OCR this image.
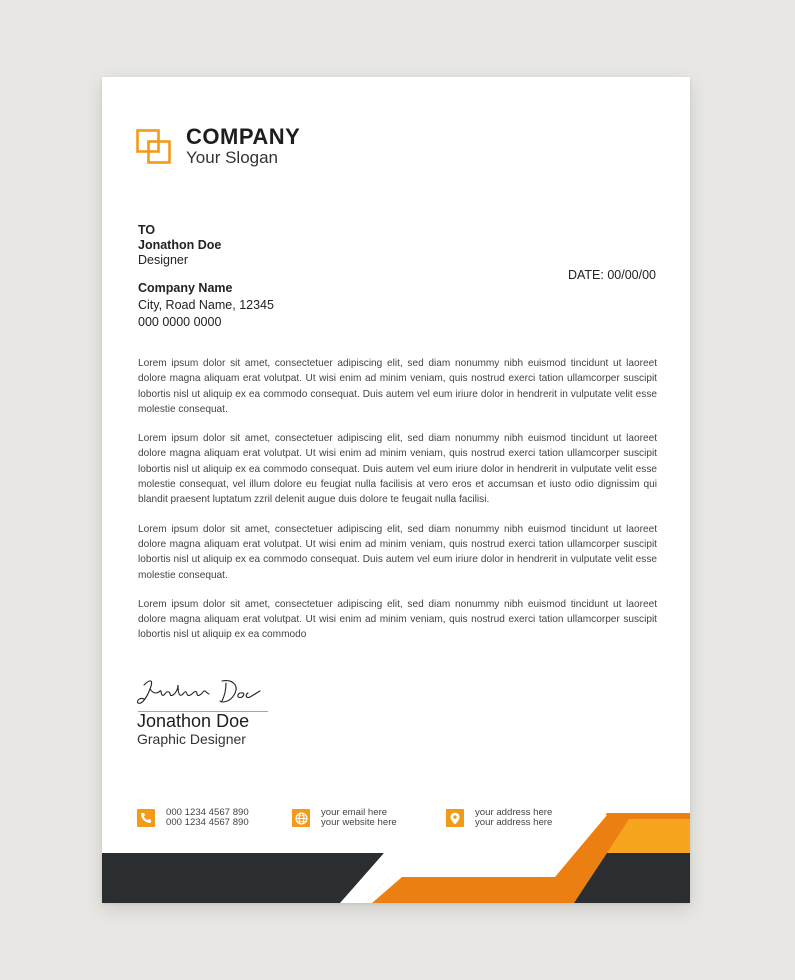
COMPANY
Your Slogan
TO
Jonathon Doe
Designer
Company Name
City, Road Name, 12345
000 0000 0000
DATE: 00/00/00

Lorem ipsum dolor sit amet, consectetuer adipiscing elit, sed diam nonummy nibh euismod tincidunt ut laoreet dolore magna aliquam erat volutpat. Ut wisi enim ad minim veniam, quis nostrud exerci tation ullamcorper suscipit lobortis nisl ut aliquip ex ea commodo consequat. Duis autem vel eum iriure dolor in hendrerit in vulputate velit esse molestie consequat.

Lorem ipsum dolor sit amet, consectetuer adipiscing elit, sed diam nonummy nibh euismod tincidunt ut laoreet dolore magna aliquam erat volutpat. Ut wisi enim ad minim veniam, quis nostrud exerci tation ullamcorper suscipit lobortis nisl ut aliquip ex ea commodo consequat. Duis autem vel eum iriure dolor in hendrerit in vulputate velit esse molestie consequat, vel illum dolore eu feugiat nulla facilisis at vero eros et accumsan et iusto odio dignissim qui blandit praesent luptatum zzril delenit augue duis dolore te feugait nulla facilisi.

Lorem ipsum dolor sit amet, consectetuer adipiscing elit, sed diam nonummy nibh euismod tincidunt ut laoreet dolore magna aliquam erat volutpat. Ut wisi enim ad minim veniam, quis nostrud exerci tation ullamcorper suscipit lobortis nisl ut aliquip ex ea commodo consequat. Duis autem vel eum iriure dolor in hendrerit in vulputate velit esse molestie consequat.

Lorem ipsum dolor sit amet, consectetuer adipiscing elit, sed diam nonummy nibh euismod tincidunt ut laoreet dolore magna aliquam erat volutpat. Ut wisi enim ad minim veniam, quis nostrud exerci tation ullamcorper suscipit lobortis nisl ut aliquip ex ea commodo

Jonathon Doe
Graphic Designer
000 1234 4567 890
000 1234 4567 890
your email here
your website here
your address here
your address here
